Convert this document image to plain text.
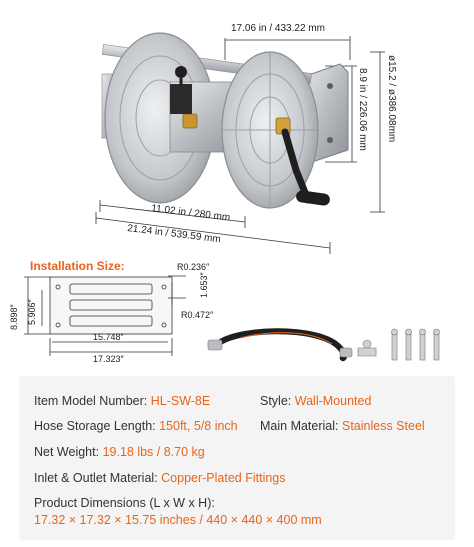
17.06 in / 433.22 mm
8.9 in / 226.06 mm ø15.2 / ø386.08mm
11.02 in / 280 mm
21.24 in / 539.59 mm
Installation Size:	R0.236″
1.653″
R0.472″
8.898″ 5.906″
15.748″
17.323″
Item Model Number: HL-SW-8E	Style: Wall-Mounted
Hose Storage Length: 150ft, 5/8 inch Main Material: Stainless Steel
Net Weight: 19.18 lbs / 8.70 kg
Inlet & Outlet Material: Copper-Plated Fittings
Product Dimensions (L x W x H):
17.32 × 17.32 × 15.75 inches / 440 × 440 × 400 mm
